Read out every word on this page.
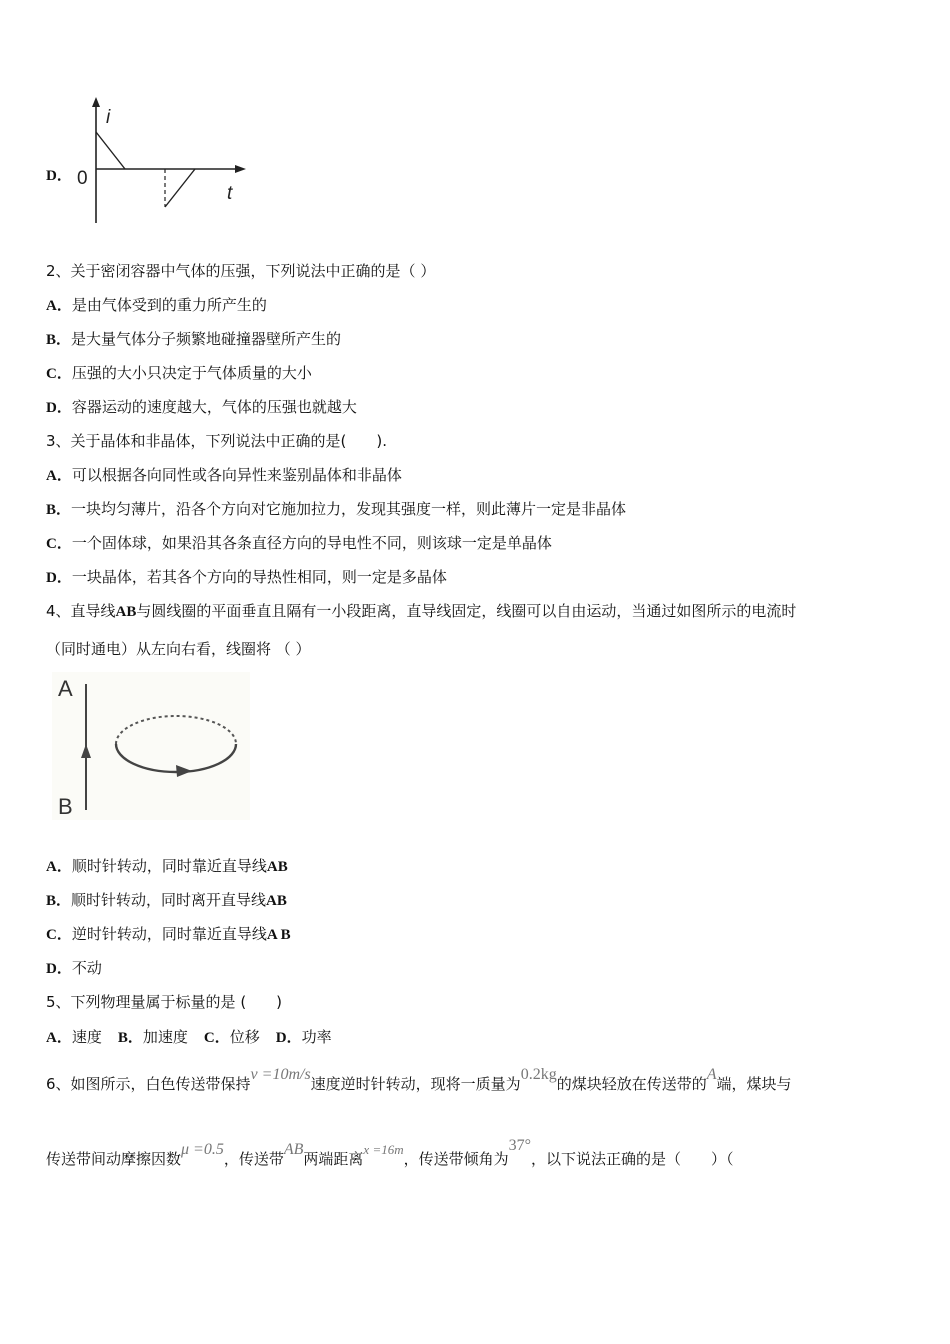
D．
i
0
t
2、关于密闭容器中气体的压强，下列说法中正确的是（ ）
A．是由气体受到的重力所产生的
B．是大量气体分子频繁地碰撞器壁所产生的
C．压强的大小只决定于气体质量的大小
D．容器运动的速度越大，气体的压强也就越大
3、关于晶体和非晶体，下列说法中正确的是(　　).
A．可以根据各向同性或各向异性来鉴别晶体和非晶体
B．一块均匀薄片，沿各个方向对它施加拉力，发现其强度一样，则此薄片一定是非晶体
C．一个固体球，如果沿其各条直径方向的导电性不同，则该球一定是单晶体
D．一块晶体，若其各个方向的导热性相同，则一定是多晶体
4、直导线AB与圆线圈的平面垂直且隔有一小段距离，直导线固定，线圈可以自由运动，当通过如图所示的电流时
（同时通电）从左向右看，线圈将 （ ）
A
B
A．顺时针转动，同时靠近直导线AB
B．顺时针转动，同时离开直导线AB
C．逆时针转动，同时靠近直导线A B
D．不动
5、下列物理量属于标量的是 (　　)
A．速度 B．加速度 C．位移 D．功率
6、如图所示，白色传送带保持v =10m/s速度逆时针转动，现将一质量为0.2kg的煤块轻放在传送带的A端，煤块与
传送带间动摩擦因数μ =0.5，传送带AB两端距离x =16m，传送带倾角为37°，以下说法正确的是（　　）（
